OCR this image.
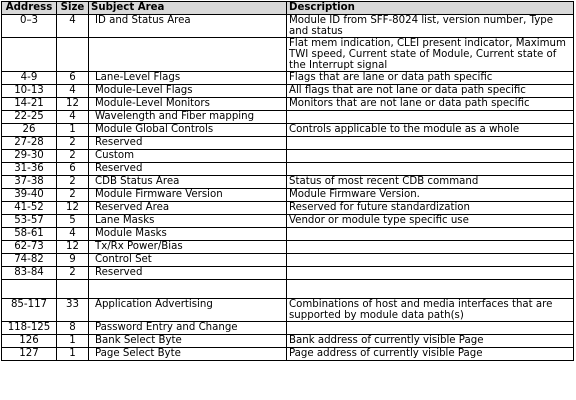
Address	Size	Subject Area	Description
0–3	4	ID and Status Area	Module ID from SFF-8024 list, version number, Type and status
			Flat mem indication, CLEI present indicator, Maximum TWI speed, Current state of Module, Current state of the Interrupt signal
4-9	6	Lane-Level Flags	Flags that are lane or data path specific
10-13	4	Module-Level Flags	All flags that are not lane or data path specific
14-21	12	Module-Level Monitors	Monitors that are not lane or data path specific
22-25	4	Wavelength and Fiber mapping	
26	1	Module Global Controls	Controls applicable to the module as a whole
27-28	2	Reserved	
29-30	2	Custom	
31-36	6	Reserved	
37-38	2	CDB Status Area	Status of most recent CDB command
39-40	2	Module Firmware Version	Module Firmware Version.
41-52	12	Reserved Area	Reserved for future standardization
53-57	5	Lane Masks	Vendor or module type specific use
58-61	4	Module Masks	
62-73	12	Tx/Rx Power/Bias	
74-82	9	Control Set	
83-84	2	Reserved	

85-117	33	Application Advertising	Combinations of host and media interfaces that are supported by module data path(s)
118-125	8	Password Entry and Change	
126	1	Bank Select Byte	Bank address of currently visible Page
127	1	Page Select Byte	Page address of currently visible Page
